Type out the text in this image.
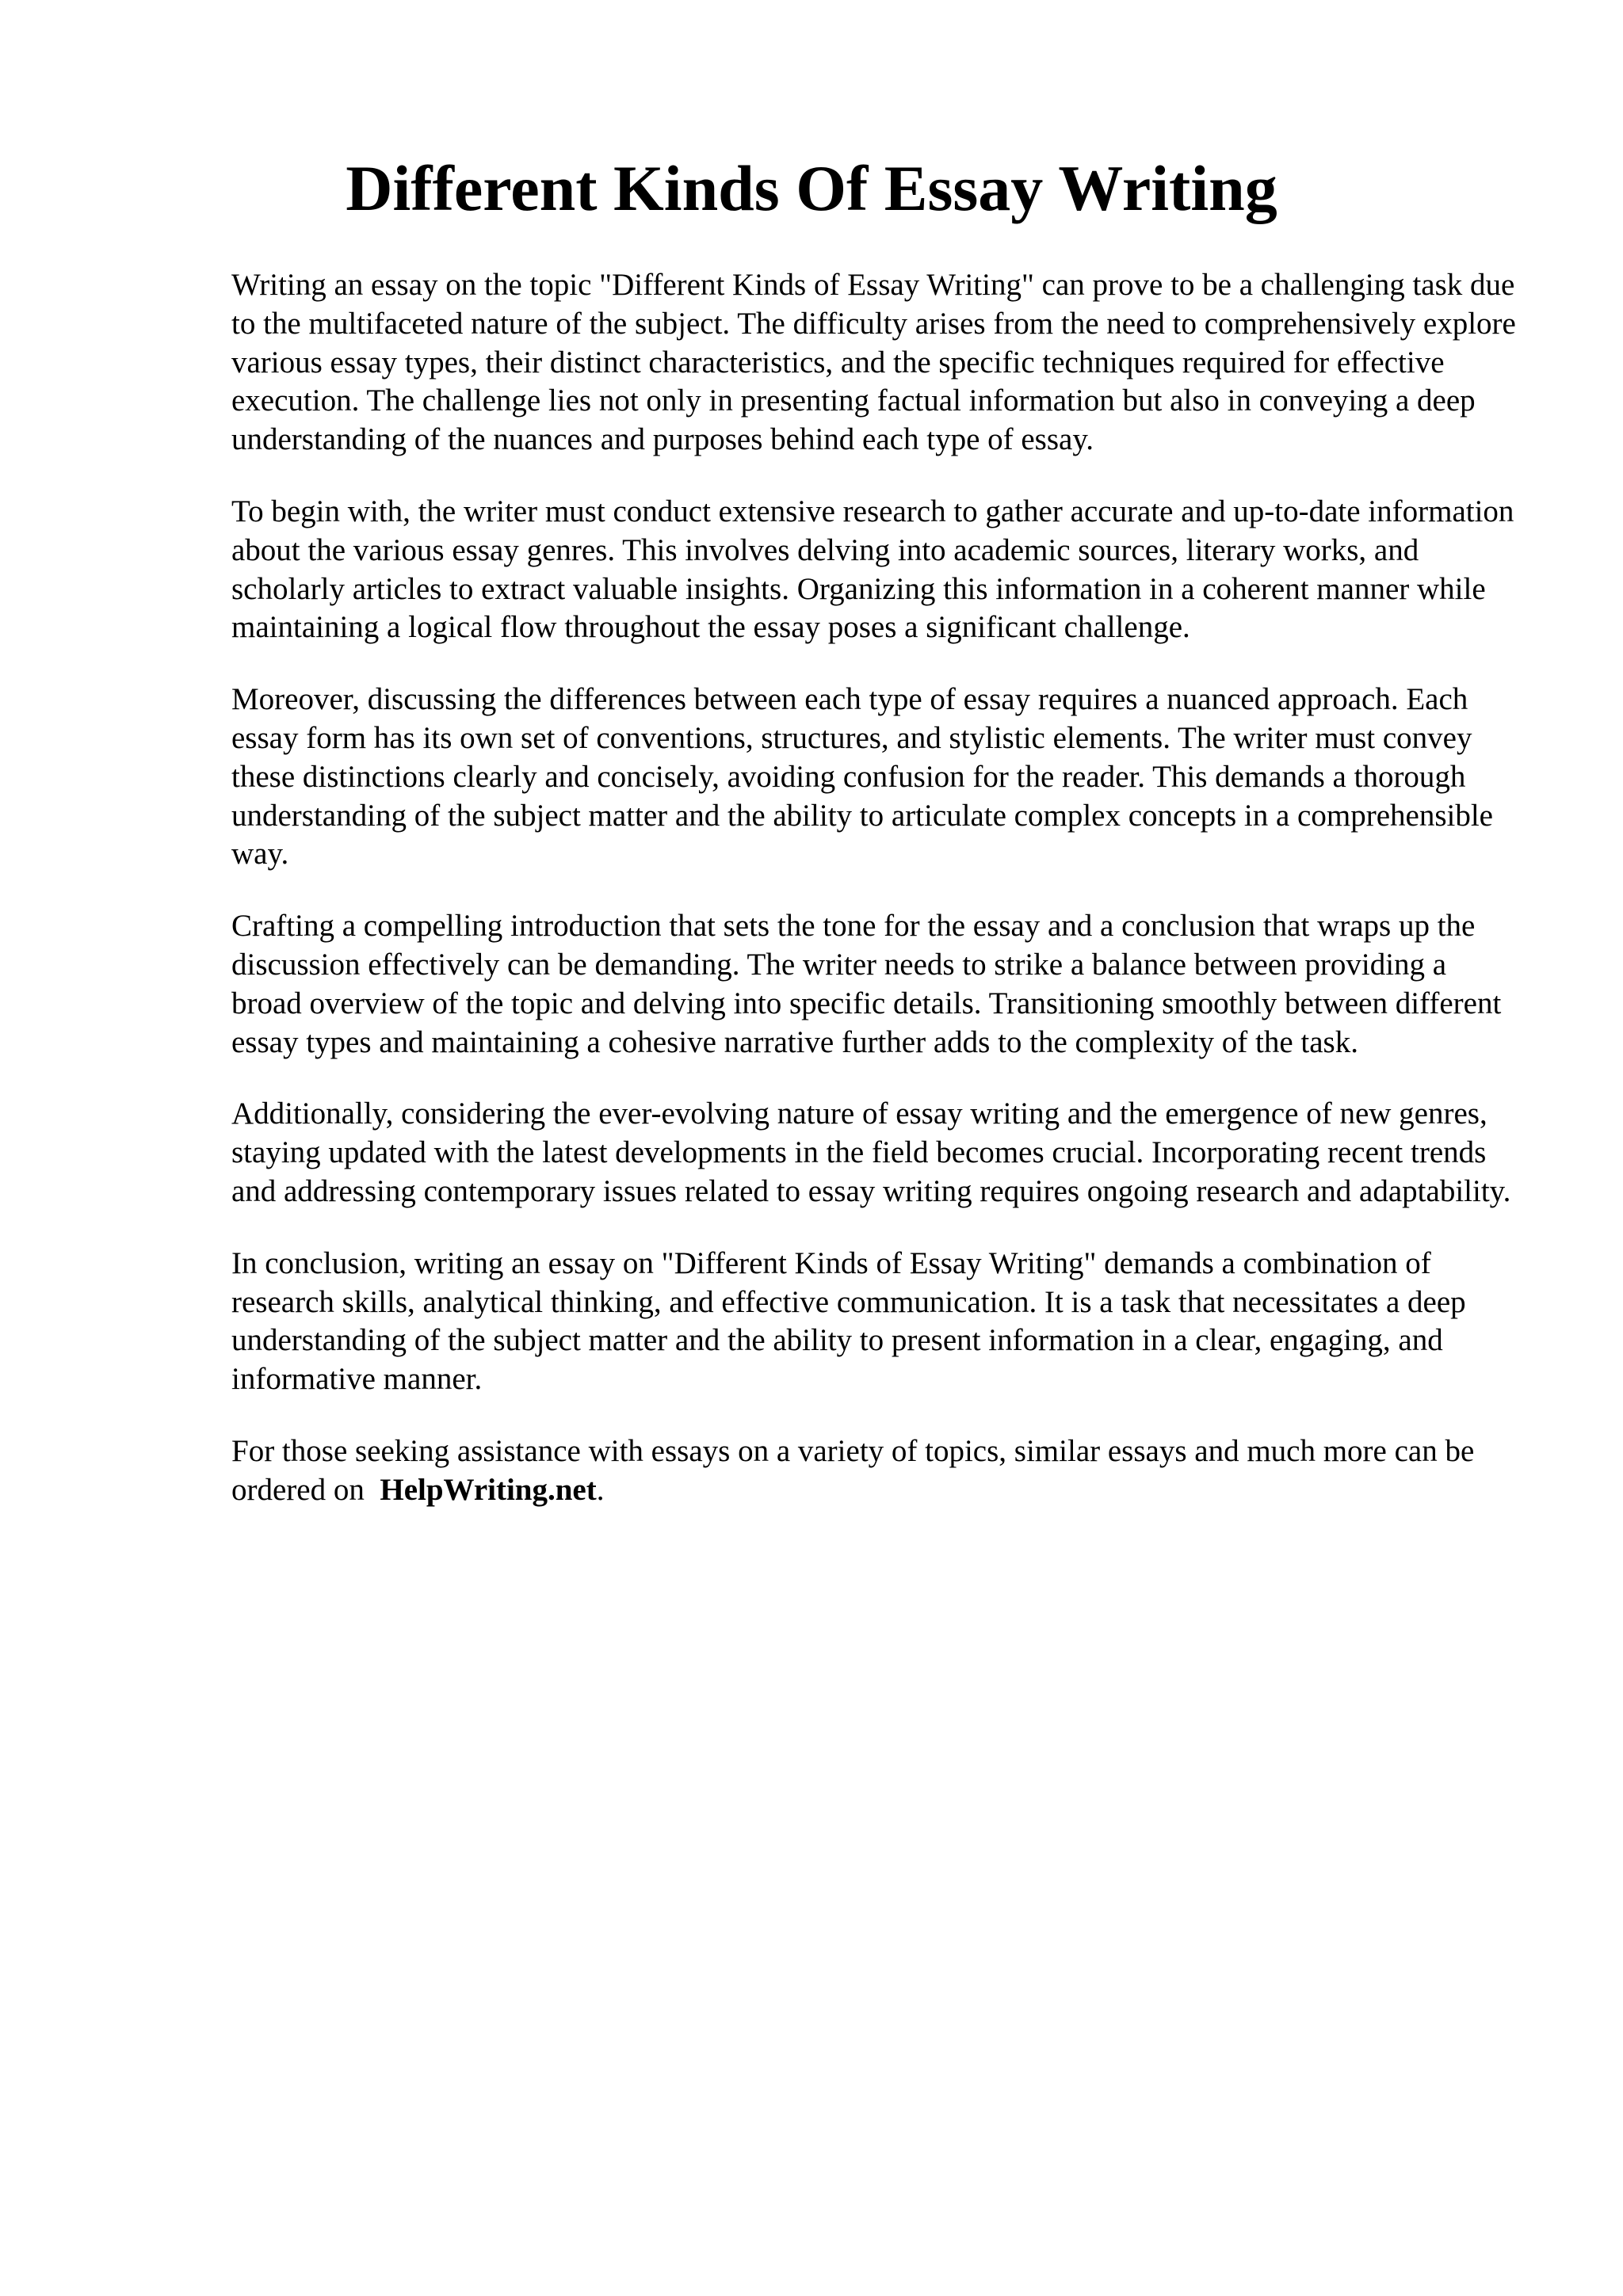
Different Kinds Of Essay Writing

Writing an essay on the topic "Different Kinds of Essay Writing" can prove to be a challenging task due to the multifaceted nature of the subject. The difficulty arises from the need to comprehensively explore various essay types, their distinct characteristics, and the specific techniques required for effective execution. The challenge lies not only in presenting factual information but also in conveying a deep understanding of the nuances and purposes behind each type of essay.

To begin with, the writer must conduct extensive research to gather accurate and up-to-date information about the various essay genres. This involves delving into academic sources, literary works, and scholarly articles to extract valuable insights. Organizing this information in a coherent manner while maintaining a logical flow throughout the essay poses a significant challenge.

Moreover, discussing the differences between each type of essay requires a nuanced approach. Each essay form has its own set of conventions, structures, and stylistic elements. The writer must convey these distinctions clearly and concisely, avoiding confusion for the reader. This demands a thorough understanding of the subject matter and the ability to articulate complex concepts in a comprehensible way.

Crafting a compelling introduction that sets the tone for the essay and a conclusion that wraps up the discussion effectively can be demanding. The writer needs to strike a balance between providing a broad overview of the topic and delving into specific details. Transitioning smoothly between different essay types and maintaining a cohesive narrative further adds to the complexity of the task.

Additionally, considering the ever-evolving nature of essay writing and the emergence of new genres, staying updated with the latest developments in the field becomes crucial. Incorporating recent trends and addressing contemporary issues related to essay writing requires ongoing research and adaptability.

In conclusion, writing an essay on "Different Kinds of Essay Writing" demands a combination of research skills, analytical thinking, and effective communication. It is a task that necessitates a deep understanding of the subject matter and the ability to present information in a clear, engaging, and informative manner.

For those seeking assistance with essays on a variety of topics, similar essays and much more can be ordered on HelpWriting.net.
